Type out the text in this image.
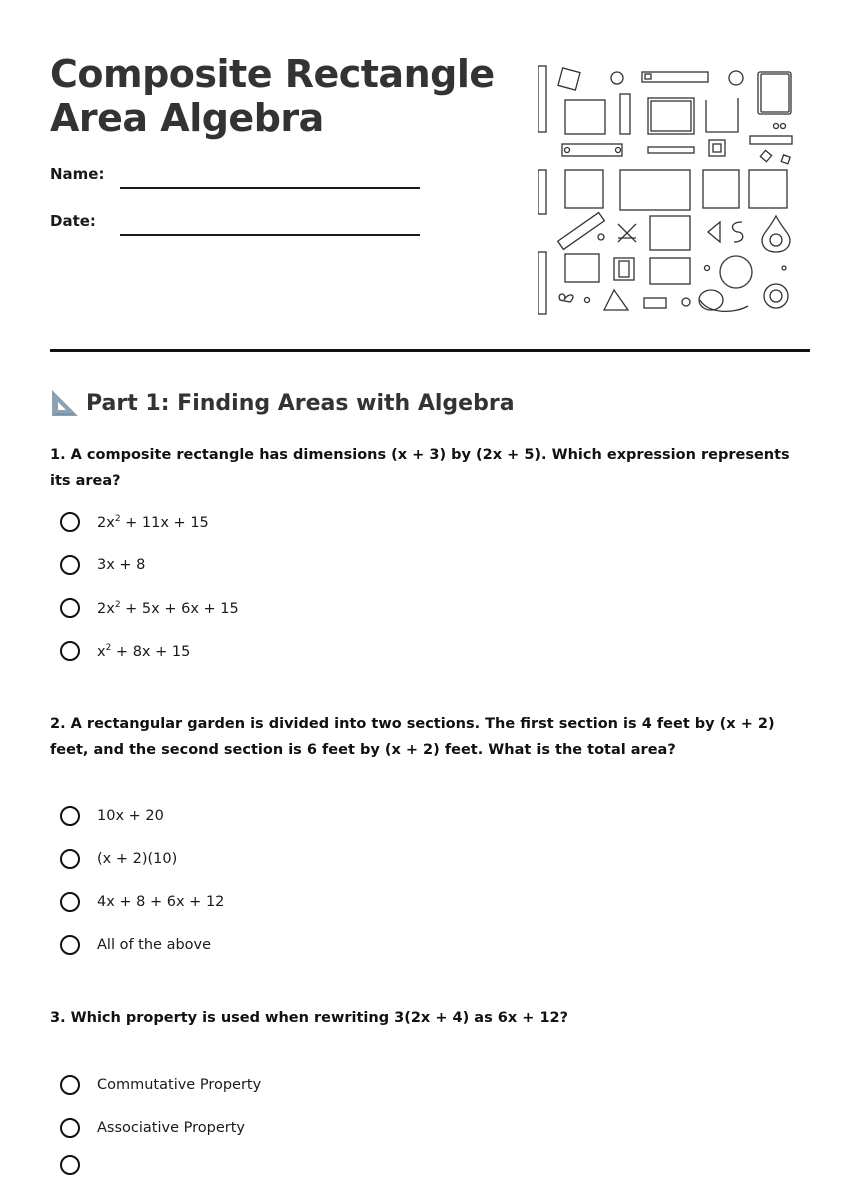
Composite Rectangle Area Algebra
Name:
Date:
Part 1: Finding Areas with Algebra
1. A composite rectangle has dimensions (x + 3) by (2x + 5). Which expression represents its area?
$2x^2 + 11x + 15$
3x + 8
$2x^2 + 5x + 6x + 15$
$x^2 + 8x + 15$
2. A rectangular garden is divided into two sections. The first section is 4 feet by (x + 2) feet, and the second section is 6 feet by (x + 2) feet. What is the total area?
10x + 20
(x + 2)(10)
4x + 8 + 6x + 12
All of the above
3. Which property is used when rewriting 3(2x + 4) as 6x + 12?
Commutative Property
Associative Property
